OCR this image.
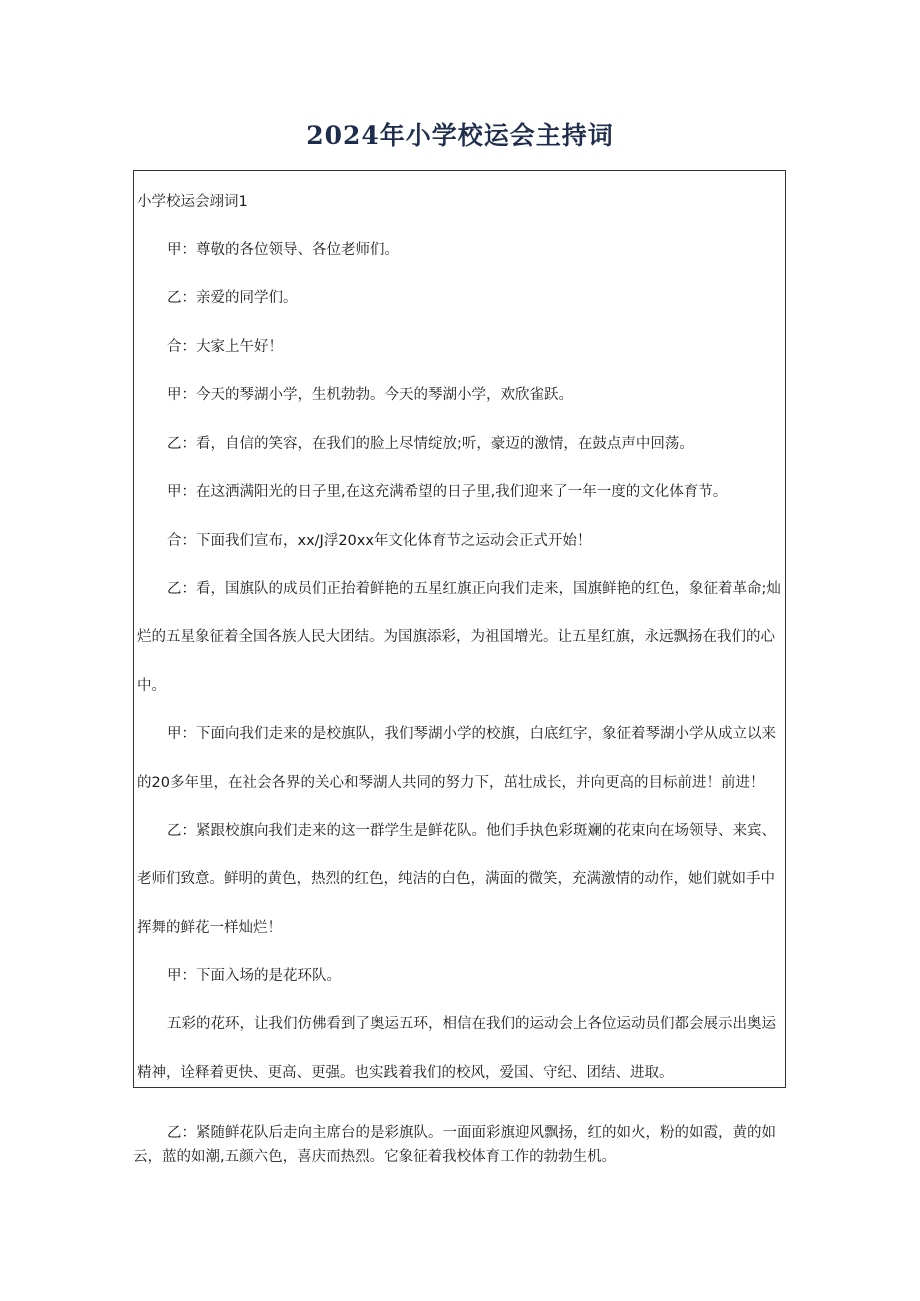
2024年小学校运会主持词
小学校运会翊词1
甲：尊敬的各位领导、各位老师们。
乙：亲爱的同学们。
合：大家上午好！
甲：今天的琴湖小学，生机勃勃。今天的琴湖小学，欢欣雀跃。
乙：看，自信的笑容，在我们的脸上尽情绽放;听，豪迈的激情，在鼓点声中回荡。
甲：在这洒满阳光的日子里,在这充满希望的日子里,我们迎来了一年一度的文化体育节。
合：下面我们宣布，xx/J浮20xx年文化体育节之运动会正式开始！
乙：看，国旗队的成员们正抬着鲜艳的五星红旗正向我们走来，国旗鲜艳的红色，象征着革命;灿
烂的五星象征着全国各族人民大团结。为国旗添彩，为祖国增光。让五星红旗，永远飘扬在我们的心
中。
甲：下面向我们走来的是校旗队，我们琴湖小学的校旗，白底红字，象征着琴湖小学从成立以来
的20多年里，在社会各界的关心和琴湖人共同的努力下，茁壮成长，并向更高的目标前进！前进！
乙：紧跟校旗向我们走来的这一群学生是鲜花队。他们手执色彩斑斓的花束向在场领导、来宾、
老师们致意。鲜明的黄色，热烈的红色，纯洁的白色，满面的微笑，充满激情的动作，她们就如手中
挥舞的鲜花一样灿烂！
甲：下面入场的是花环队。
五彩的花环，让我们仿佛看到了奥运五环，相信在我们的运动会上各位运动员们都会展示出奥运
精神，诠释着更快、更高、更强。也实践着我们的校风，爱国、守纪、团结、进取。
乙：紧随鲜花队后走向主席台的是彩旗队。一面面彩旗迎风飘扬，红的如火，粉的如霞，黄的如
云，蓝的如潮,五颜六色，喜庆而热烈。它象征着我校体育工作的勃勃生机。
